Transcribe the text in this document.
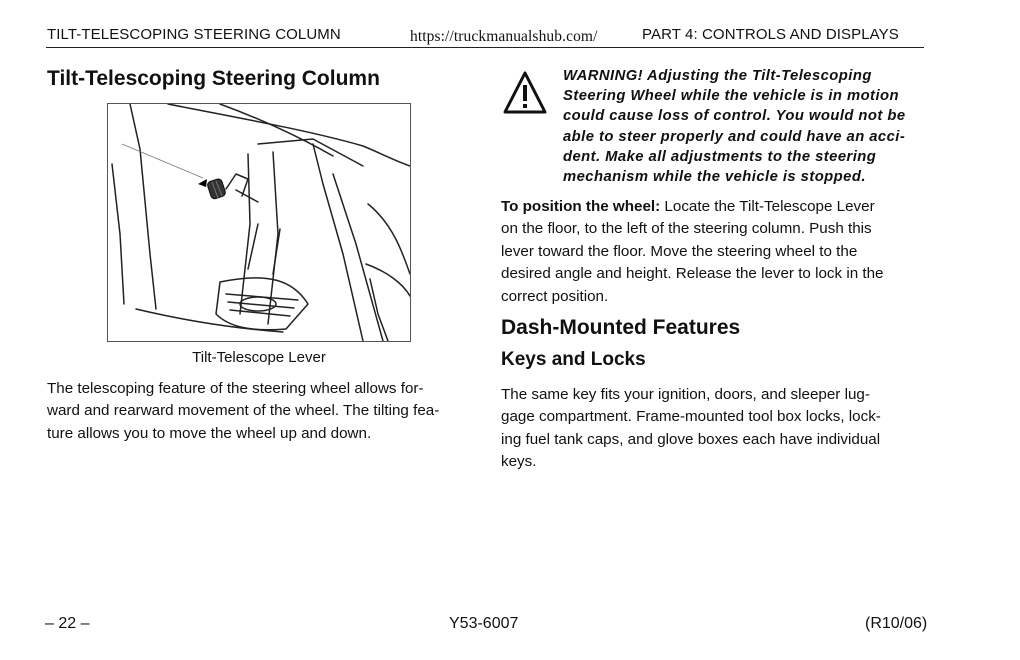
TILT-TELESCOPING STEERING COLUMN	https://truckmanualshub.com/	PART 4: CONTROLS AND DISPLAYS
Tilt-Telescoping Steering Column
Tilt-Telescope Lever
The telescoping feature of the steering wheel allows for-
ward and rearward movement of the wheel. The tilting fea-
ture allows you to move the wheel up and down.
WARNING! Adjusting the Tilt-Telescoping
Steering Wheel while the vehicle is in motion
could cause loss of control. You would not be
able to steer properly and could have an acci-
dent. Make all adjustments to the steering
mechanism while the vehicle is stopped.
To position the wheel: Locate the Tilt-Telescope Lever
on the floor, to the left of the steering column. Push this
lever toward the floor. Move the steering wheel to the
desired angle and height. Release the lever to lock in the
correct position.
Dash-Mounted Features
Keys and Locks
The same key fits your ignition, doors, and sleeper lug-
gage compartment. Frame-mounted tool box locks, lock-
ing fuel tank caps, and glove boxes each have individual
keys.
– 22 –	Y53-6007	(R10/06)
